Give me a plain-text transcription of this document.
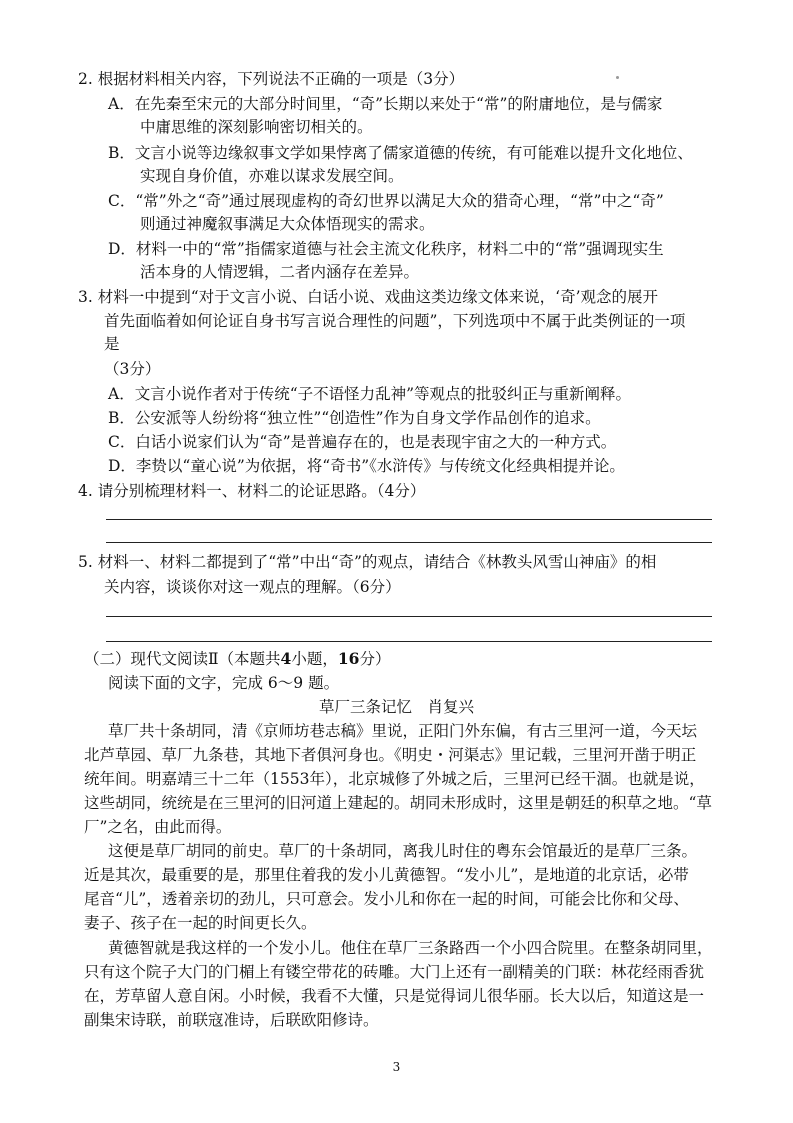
2. 根据材料相关内容，下列说法不正确的一项是（3分）
A．在先秦至宋元的大部分时间里，“奇”长期以来处于“常”的附庸地位，是与儒家
中庸思维的深刻影响密切相关的。
B．文言小说等边缘叙事文学如果悖离了儒家道德的传统，有可能难以提升文化地位、
实现自身价值，亦难以谋求发展空间。
C．“常”外之“奇”通过展现虚构的奇幻世界以满足大众的猎奇心理，“常”中之“奇”
则通过神魔叙事满足大众体悟现实的需求。
D．材料一中的“常”指儒家道德与社会主流文化秩序，材料二中的“常”强调现实生
活本身的人情逻辑，二者内涵存在差异。
3. 材料一中提到“对于文言小说、白话小说、戏曲这类边缘文体来说，‘奇’观念的展开
首先面临着如何论证自身书写言说合理性的问题”，下列选项中不属于此类例证的一项
是
（3分）
A．文言小说作者对于传统“子不语怪力乱神”等观点的批驳纠正与重新阐释。
B．公安派等人纷纷将“独立性”“创造性”作为自身文学作品创作的追求。
C．白话小说家们认为“奇”是普遍存在的，也是表现宇宙之大的一种方式。
D．李贽以“童心说”为依据，将“奇书”《水浒传》与传统文化经典相提并论。
4. 请分别梳理材料一、材料二的论证思路。（4分）
5. 材料一、材料二都提到了“常”中出“奇”的观点，请结合《林教头风雪山神庙》的相
关内容，谈谈你对这一观点的理解。（6分）
（二）现代文阅读Ⅱ（本题共4小题，16分）
阅读下面的文字，完成 6～9 题。
草厂三条记忆　肖复兴
草厂共十条胡同，清《京师坊巷志稿》里说，正阳门外东偏，有古三里河一道，今天坛
北芦草园、草厂九条巷，其地下者俱河身也。《明史・河渠志》里记载，三里河开凿于明正
统年间。明嘉靖三十二年（1553年），北京城修了外城之后，三里河已经干涸。也就是说，
这些胡同，统统是在三里河的旧河道上建起的。胡同未形成时，这里是朝廷的积草之地。“草
厂”之名，由此而得。
这便是草厂胡同的前史。草厂的十条胡同，离我儿时住的粤东会馆最近的是草厂三条。
近是其次，最重要的是，那里住着我的发小儿黄德智。“发小儿”，是地道的北京话，必带
尾音“儿”，透着亲切的劲儿，只可意会。发小儿和你在一起的时间，可能会比你和父母、
妻子、孩子在一起的时间更长久。
黄德智就是我这样的一个发小儿。他住在草厂三条路西一个小四合院里。在整条胡同里，
只有这个院子大门的门楣上有镂空带花的砖雕。大门上还有一副精美的门联：林花经雨香犹
在，芳草留人意自闲。小时候，我看不大懂，只是觉得词儿很华丽。长大以后，知道这是一
副集宋诗联，前联寇准诗，后联欧阳修诗。
3
